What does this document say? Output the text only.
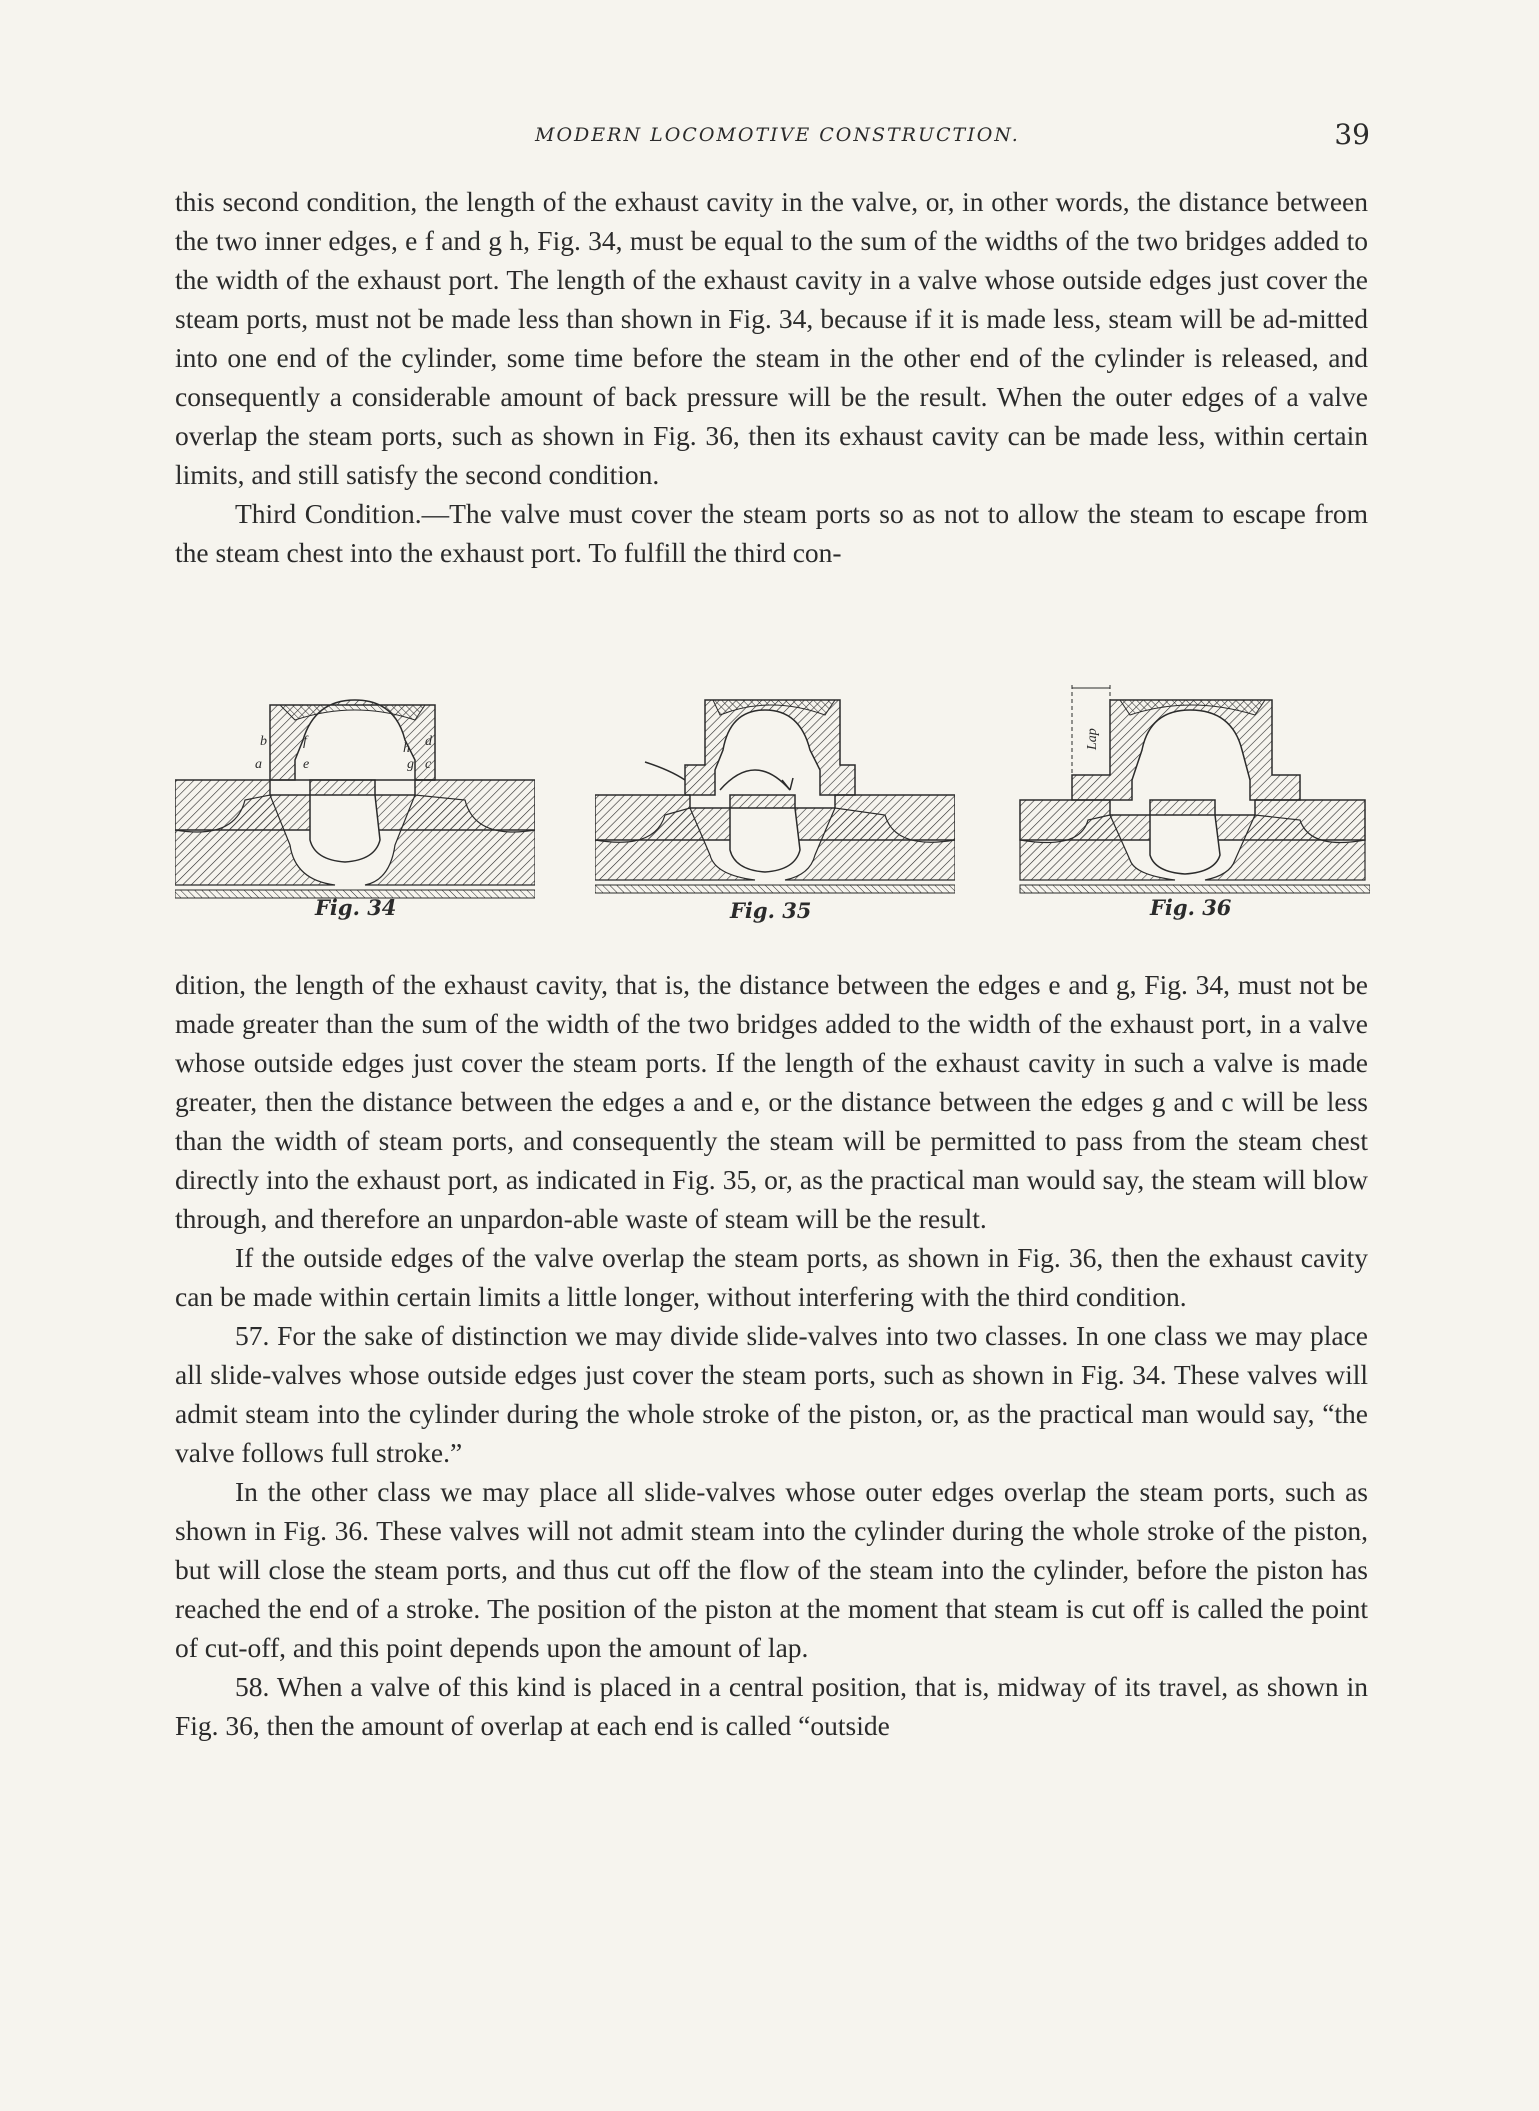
MODERN LOCOMOTIVE CONSTRUCTION.	39

this second condition, the length of the exhaust cavity in the valve, or, in other words, the distance between the two inner edges, e f and g h, Fig. 34, must be equal to the sum of the widths of the two bridges added to the width of the exhaust port. The length of the exhaust cavity in a valve whose outside edges just cover the steam ports, must not be made less than shown in Fig. 34, because if it is made less, steam will be ad-mitted into one end of the cylinder, some time before the steam in the other end of the cylinder is released, and consequently a considerable amount of back pressure will be the result. When the outer edges of a valve overlap the steam ports, such as shown in Fig. 36, then its exhaust cavity can be made less, within certain limits, and still satisfy the second condition.

Third Condition.—The valve must cover the steam ports so as not to allow the steam to escape from the steam chest into the exhaust port. To fulfill the third con-

b
a
f
e
h
g
d
c
Fig. 34	Fig. 35
Lap
Fig. 36

dition, the length of the exhaust cavity, that is, the distance between the edges e and g, Fig. 34, must not be made greater than the sum of the width of the two bridges added to the width of the exhaust port, in a valve whose outside edges just cover the steam ports. If the length of the exhaust cavity in such a valve is made greater, then the distance between the edges a and e, or the distance between the edges g and c will be less than the width of steam ports, and consequently the steam will be permitted to pass from the steam chest directly into the exhaust port, as indicated in Fig. 35, or, as the practical man would say, the steam will blow through, and therefore an unpardon-able waste of steam will be the result.

If the outside edges of the valve overlap the steam ports, as shown in Fig. 36, then the exhaust cavity can be made within certain limits a little longer, without interfering with the third condition.

57. For the sake of distinction we may divide slide-valves into two classes. In one class we may place all slide-valves whose outside edges just cover the steam ports, such as shown in Fig. 34. These valves will admit steam into the cylinder during the whole stroke of the piston, or, as the practical man would say, “the valve follows full stroke.”

In the other class we may place all slide-valves whose outer edges overlap the steam ports, such as shown in Fig. 36. These valves will not admit steam into the cylinder during the whole stroke of the piston, but will close the steam ports, and thus cut off the flow of the steam into the cylinder, before the piston has reached the end of a stroke. The position of the piston at the moment that steam is cut off is called the point of cut-off, and this point depends upon the amount of lap.

58. When a valve of this kind is placed in a central position, that is, midway of its travel, as shown in Fig. 36, then the amount of overlap at each end is called “outside
